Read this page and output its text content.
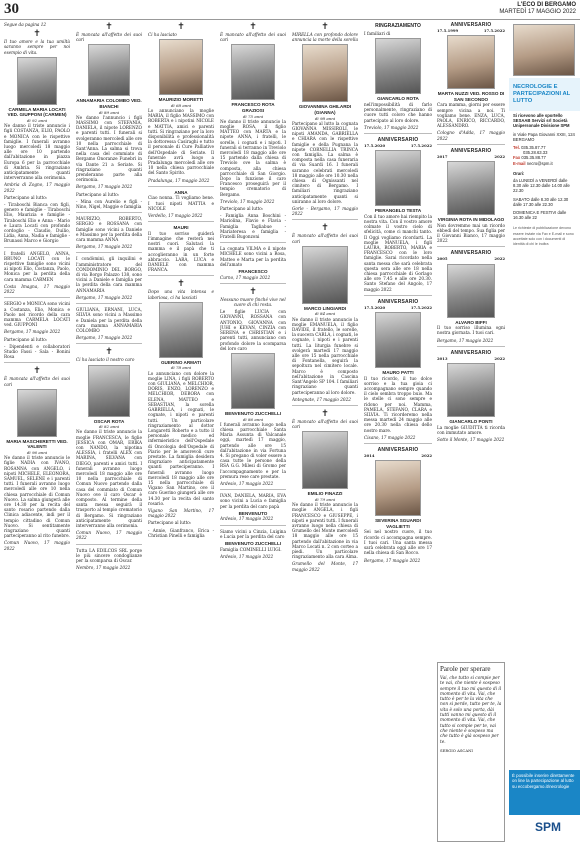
30	L'ECO DI BERGAMO
MARTEDÌ 17 MAGGIO 2022

Segue da pagina 12

✝

Il tuo amore e la tua umiltà saranno sempre per noi esempio di vita.

CARMELA MARIA LOCATI VED. GIUPPONI (CARMEN)
di 92 anni

Ne danno il triste annuncio i figli COSTANZA, ELIO, PAOLO e MONICA con le rispettive famiglie. I funerali avranno luogo mercoledì 18 maggio alle ore 10 partendo dall'abitazione in piazza Europa 6 per la parrocchiale di Ambria. Si ringraziano anticipatamente quanti interverranno alla cerimonia.

Ambria di Zogno, 17 maggio 2022

Partecipano al lutto:

- Tiraboschi Bianca con figli, genero e famiglie - Tiraboschi Elio, Maurizia e famiglie - Tiraboschi Elio e Anna - Mario e Laura Locati con profondo cordoglio - Claudio, Duilio, Lidia, Anna, Nadia e famiglie - Brunassi Marco e Giorgio

I fratelli ANGELO, ANNA, BRUNO LOCATI con le rispettive famiglie sono vicini ai nipoti Elio, Costanza, Paolo, Monica per la perdita della cara mamma CARMEN

Costa Imagna, 17 maggio 2022

SERGIO e MONICA sono vicini a Costanza, Elio, Monica e Paolo nel ricordo della cara mamma CARMELA LOCATI ved. GIUPPONI

Bergamo, 17 maggio 2022

Partecipano al lutto:

- Dipendenti e collaboratori Studio Fassi - Sala - Bonini Rosa

✝

È mancata all'affetto dei suoi cari

MARIA MASCHERETTI VED. VALENTI
di 96 anni

Ne danno il triste annuncio le figlie NADIA con IVANO, ROSANNA con ANGELO, i nipoti MICHELE, ELEONORA, SAMUEL, SELENE e i parenti tutti. I funerali avranno luogo mercoledì alle ore 10 nella chiesa parrocchiale di Comun Nuovo. La salma giungerà alle ore 14.30 per la recita del santo rosario partendo dalla Clinica adiacente, indi per il tempio cittadino di Comun Nuovo. Si sentitamente ringraziano quanti parteciperanno al rito funebre.

Comun Nuovo, 17 maggio 2022

✝

È mancata all'affetto dei suoi cari

ANNAMARIA COLOMBO VED. BIANCHI
di 89 anni

Ne danno l'annuncio i figli MASSIMO con STEFANIA, DANIELA, il nipote LORENZO e parenti tutti. I funerali si svolgeranno mercoledì alle ore 10 nella parrocchiale di Sant'Anna. La salma si trova nella casa del commiato di Bergamo Onoranze Funebri in via Dante 21 a Seriate. Si ringraziano quanti prenderanno parte alla cerimonia.

Bergamo, 17 maggio 2022

Partecipano al lutto:

- Mina con Aurelio e figli - Nino, Nigel, Maggie e famiglia

MAURIZIO, ROBERTO, SERGIO e ROSSANA con famiglie sono vicini a Daniele e Massimo per la perdita della cara mamma ANNA

Bergamo, 17 maggio 2022

I condòmini, gli inquilini e l'amministratore del CONDOMINIO DEL BORGO, di via Borgo Palazzo 138, sono vicini a Daniele e famiglia per la perdita della cara mamma ANNAMARIA

Bergamo, 17 maggio 2022

GIULIANA, ERNANI, LUCA, SILVIA sono vicini a Massimo e Daniela per la perdita della cara mamma ANNAMARIA COLOMBO

Bergamo, 17 maggio 2022

✝

Ci ha lasciato il nostro caro

OSCAR ROTA
di 82 anni

Ne danno il triste annuncio la moglie FRANCESCA, le figlie JESSICA con OMAR, ERIKA con NANDO, la nipotina ALESSIA, i fratelli ALEX con MARINA, SILVANA con DIEGO, parenti e amici tutti. I funerali avranno luogo mercoledì 18 maggio alle ore 10 nella parrocchiale di Comun Nuovo partendo dalla casa del commiato di Comun Nuovo ove il caro Oscar è composto. Al termine della santa messa seguirà il trasporto al tempio crematorio di Bergamo. Si ringraziano anticipatamente quanti interverranno alla cerimonia.

Comun Nuovo, 17 maggio 2022

Tutta LA EDILCOS SRL porge le più sincere condoglianze per la scomparsa di Oscar.

Nembro, 17 maggio 2022

✝

Ci ha lasciato

MAURIZIO MORETTI
di 68 anni

Lo annunciano la moglie MARIA, il figlio MASSIMO con ROBERTA e i nipotini NICOLE e MATTIA, amici e parenti tutti. Si ringraziano per la loro disponibilità e professionalità la dottoressa Casiraghi e tutto il personale di Cure Palliative dell'Ospedale di Seriate. Il funerale avrà luogo a Pradalunga mercoledì alle ore 10 nella chiesa parrocchiale del Santo Spirito.

Pradalunga, 17 maggio 2022

ANNA

Ciao nonna. Ti vogliamo bene. I tuoi nipoti MATTIA e NICOLE

Verdello, 17 maggio 2022

MAURI

Il tuo sorriso guiderà l'immagine che resterà nei nostri cuori. Salutaci la mamma e il papà che ti accoglieranno in un forte abbraccio. LARA, LUCA e DANIELE con mamma FRANCA.

✝

Dopo una vita intensa e laboriosa, ci ha lasciati

GUERINO ARMATI
di 78 anni

Lo annunciano con dolore la moglie LINA, i figli ROBERTO con GIULIANA, e MELCHIOR, DORIS, ENZO, LORENZO e MELCHIOR, DEBORA con ELENA, MATTEO e SEBASTIAN, la sorella GABRIELLA, i cognati, le cognate, i nipoti e parenti tutti. Un particolare ringraziamento al dottor Longaretti Roberto e a tutto il personale medico ed infermieristico dell'Ospedale di Oncologia dell'Ospedale di Piario per le amorevoli cure prestate. La famiglia desidera ringraziare anticipatamente quanti parteciperanno. I funerali avranno luogo mercoledì 18 maggio alle ore 15 nella parrocchiale di Vigano San Martino, ove il caro Guerino giungerà alle ore 14.30 per la recita del santo rosario.

Vigano San Martino, 17 maggio 2022

Partecipano al lutto:

- Annie, Gianfranco, Erica - Christian Pinelli e famiglia

✝

È mancato all'affetto dei suoi cari

FRANCESCO ROTA GRAZIOSI
di 75 anni

Ne danno il triste annuncio la moglie ROSA, il figlio MATTEO con MARTA e la nipote ANNA, i fratelli, le sorelle, i cognati e i nipoti. I funerali si terranno in Treviolo mercoledì 18 maggio alle ore 15 partendo dalla chiesa di Treviolo ove la salma è composta, alla chiesa parrocchiale di San Giorgio. Dopo la funzione il caro Francesco proseguirà per il tempio crematorio di Bergamo.

Treviolo, 17 maggio 2022

Partecipano al lutto:

- Famiglia Anna Boschini - Mariolina, Flavio e Flavia - Famiglia Tagliabue - Mariateresa e famiglia - Fratelli Bugonzoni

La cognata VILMA e il nipote MICHELE sono vicini a Rosa, Matteo e Marta per la perdita dell'amato

FRANCESCO

Curno, 17 maggio 2022

✝

Nessuno muore finché vive nel cuore di chi resta.

Le figlie LUCIA con GIOVANNI, ROSSANA con ANTONIO, GIOVANNA con JUHI e KEVAN, CINZIA con SERENA e CHRISTIAN e i parenti tutti, annunciano con profondo dolore la scomparsa del loro caro

BENVENUTO ZUCCHELLI
di 86 anni

I funerali avranno luogo nella chiesa parrocchiale Santa Maria Assunta di Valcanale oggi, martedì 17 maggio, partendo alle ore 15 dall'abitazione in via Fortuna 4. Si pregano di voler essere a casa tutte le persone della RSA G.G. Milesi di Gromo per l'accompagnamento e per la premura rese care prestate.

Ardesio, 17 maggio 2022

IVAN, DANIELA, MARIA, EVA sono vicini a Lucia e famiglia per la perdita del caro papà

BENVENUTO

Ardesio, 17 maggio 2022

Siamo vicini a Cinzia, Luigina e Lucia per la perdita del caro

BENVENUTO ZUCCHELLI

Famiglia COMINELLI LUIGI.

Ardesio, 17 maggio 2022

✝

MIRELLA con profondo dolore annuncia la morte della sorella

GIOVANNINA GHILARDI (GIANNA)
di 98 anni

Partecipano al lutto la cognata GIOVANNA MISSIROLI, le nipoti AMANDA, GABRIELLA e CHIARA con le rispettive famiglie e della Pugnana la nipote CORNELLIA TRINCA con famiglia. La salma è composta nella casa funeraria di via Suardi 16. I funerali saranno celebrati mercoledì 18 maggio alle ore 10.30 nella chiesa di Ognissanti nel cimitero di Bergamo. I familiari ringraziano anticipatamente quanti si uniranno al loro dolore.

Gorle - Bergamo, 17 maggio 2022

✝

È mancato all'affetto dei suoi cari

MARCO LINGIARDI
di 84 anni

Ne danno il triste annuncio la moglie EMANUELA, il figlio DAVIDE, il fratello, le sorelle, la suocera CARLA, i cognati, le cognate, i nipoti e i parenti tutti. La liturgia funebre si svolgerà martedì 17 maggio alle ore 15 nella parrocchiale di Fontanella, seguirà la sepoltura nel cimitero locale. Marco è composto nell'abitazione in Cascina Sant'Angelo SP 104. I familiari ringraziano quanti parteciperanno al loro dolore.

Antegnate, 17 maggio 2022

✝

È mancato all'affetto dei suoi cari

EMILIO FINAZZI
di 79 anni

Ne danno il triste annuncio la moglie ANGELA, i figli FRANCESCO e GIUSEPPE, i nipoti e parenti tutti. I funerali avranno luogo nella chiesa di Grumello del Monte mercoledì 18 maggio alle ore 15 partendo dall'abitazione in via Marco Locati n. 2 con corteo a piedi. Un particolare ringraziamento alla cara Alma.

Grumello del Monte, 17 maggio 2022

RINGRAZIAMENTO

I familiari di

GIANCARLO ROTA

nell'impossibilità di farlo personalmente, ringraziano di cuore tutti coloro che hanno partecipato al loro dolore.

Treviolo, 17 maggio 2022

ANNIVERSARIO
17.5.2020	17.5.2022
PIERANGELO TESTA

Con il tuo amore hai riempito la nostra vita. Con il vostro amore colmate il vostro cielo di sfelicità, come ci manchi tanto. Il Oggi vogliamo ricordarti. La moglie MANUELA, i figli LAURA, ROBERTO, MARIA e FRANCESCO con le loro famiglie. Sarai ricordato nella santa messa che sarà celebrata questa sera alle ore 18 nella chiesa parrocchiale di Gorlago alle ore 7.45 e alle ore 20.30. Santo Stefano del Angolo, 17 maggio 2022

ANNIVERSARIO
17.5.2020	17.5.2022
MAURO PATTI

Il tuo ricordo, il tuo dolce sorriso e la tua gioia ci accompagnano sempre quando il cielo sembra troppo buio. Ma le stelle ci sono sempre e ridono per noi. Mamma, PAMELA, STEFANO, CLARA e SILVIA. Ti ricorderemo nella messa martedì 24 maggio alle ore 20.30 nella chiesa dello nostro mare.

Cisano, 17 maggio 2022

ANNIVERSARIO
2014	2022
SEVERINA SGUARDI VAGLIETTI

Sei nel nostro cuore, il tuo ricordo ci accompagna sempre. I tuoi cari. Una santa messa sarà celebrata oggi alle ore 17 nella chiesa di San Rocco.

Bergamo, 17 maggio 2022

ANNIVERSARIO
17.5.1999	17.5.2022
MARTA NUZZI VED. ROSSO DI SAN SECONDO

Cara mamma, giorni per essere sempre vicina a noi. Ti vogliamo bene. ENZA, LUCA, PAOLA, ENRICO, RICCARDO, ALESSANDRO.

Cologno d'Adda, 17 maggio 2022

ANNIVERSARIO
2017	2022
VIRGINIA ROTA IN MIDOLAGO

Non dovremmo mai un ricordo ebbedì del tempo. Sua figlia per il Giovanni Bianco, 17 maggio 2022

ANNIVERSARIO
2005	2022
ALVARO BIFFI

Il tuo sorriso illumina ogni nostra giornata. I tuoi cari.

Bergamo, 17 maggio 2022

ANNIVERSARIO
2013	2022
GIANCARLO PONTI

La moglie GIUDITTA ti ricorda con immutato amore.

Sotto il Monte, 17 maggio 2022

Parole per sperare

Vai, che tutto si compie per te vai, che niente è sospeso sempre il tuo mi questo di il momento di vita. Vai, che tutto è per te la vita che non si perde, tutto per te, la vita è solo una porta, dài tutti vanno mi questo di il momento di vita. Vai, che tutto si compie per te, vai che niente è sospeso ma che tutto è già sospeso per te.

SERGIO ASCANI

NECROLOGIE E PARTECIPAZIONI AL LUTTO

Si ricevono alle sportello SESAAB Servizi srl Società Unipersonale Divisione SPM

in Viale Papa Giovanni XXIII, 124 BERGAMO

Tel. 035.35.87.77

035.28.63.33

Fax 035.35.88.77

E-mail necro@spm.it

Orari:

da LUNEDÌ a VENERDÌ dalle 8.30 alle 12.30 dalle 14.00 alle 22.30

SABATO dalle 8.30 alle 12.30 dalle 17.30 alle 22.30

DOMENICA E FESTIVI dalle 16.30 alle 22

Le richieste di pubblicazione devono essere inviate via Fax e E-mail e sono accettate solo con i documenti di identità di chi le inoltra

È possibile inserire direttamente on line la partecipazione al lutto su eccobergamo.it/necrologie
SPM
